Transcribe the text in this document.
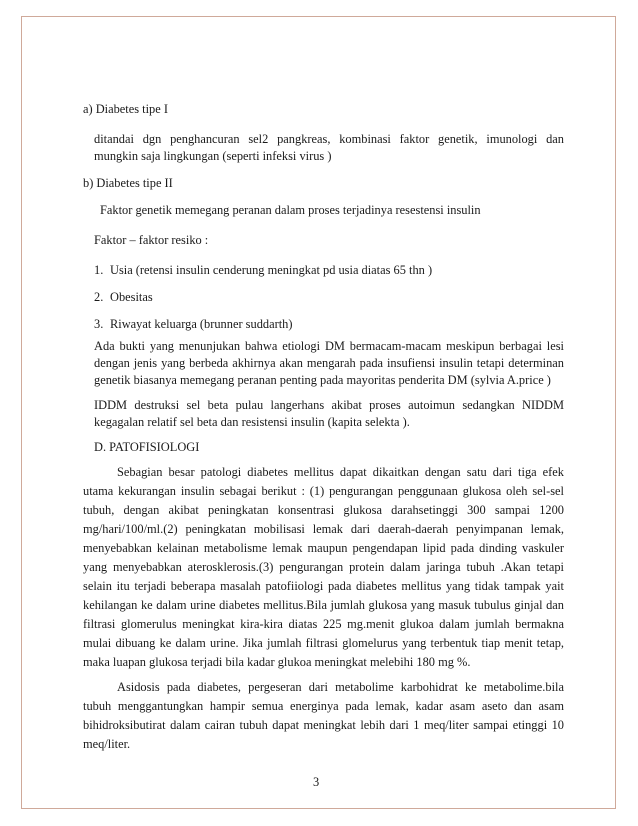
a) Diabetes tipe I

ditandai dgn penghancuran sel2 pangkreas, kombinasi faktor genetik, imunologi dan

mungkin saja lingkungan (seperti infeksi virus )

b) Diabetes tipe II

Faktor genetik memegang peranan dalam proses terjadinya resestensi insulin

Faktor – faktor resiko :

1. Usia (retensi insulin cenderung meningkat pd usia diatas 65 thn )

2. Obesitas

3. Riwayat keluarga (brunner suddarth)

Ada bukti yang menunjukan bahwa etiologi DM bermacam-macam meskipun berbagai lesi

dengan jenis yang berbeda akhirnya akan mengarah pada insufiensi insulin tetapi determinan

genetik biasanya memegang peranan penting pada mayoritas penderita DM (sylvia A.price )

IDDM destruksi sel beta pulau langerhans akibat proses autoimun sedangkan NIDDM

kegagalan relatif sel beta dan resistensi insulin (kapita selekta ).

D. PATOFISIOLOGI

Sebagian besar patologi diabetes mellitus dapat dikaitkan dengan satu dari tiga efek

utama kekurangan insulin sebagai berikut : (1) pengurangan penggunaan glukosa oleh sel-sel

tubuh, dengan akibat peningkatan konsentrasi glukosa darahsetinggi 300 sampai 1200

mg/hari/100/ml.(2) peningkatan mobilisasi lemak dari daerah-daerah penyimpanan lemak,

menyebabkan kelainan metabolisme lemak maupun pengendapan lipid pada dinding vaskuler

yang menyebabkan aterosklerosis.(3) pengurangan protein dalam jaringa tubuh .Akan tetapi

selain itu terjadi beberapa masalah patofiiologi pada diabetes mellitus yang tidak tampak yait

kehilangan ke dalam urine diabetes mellitus.Bila jumlah glukosa yang masuk tubulus ginjal dan

filtrasi glomerulus meningkat kira-kira diatas 225 mg.menit glukoa dalam jumlah bermakna

mulai dibuang ke dalam urine. Jika jumlah filtrasi glomelurus yang terbentuk tiap menit tetap,

maka luapan glukosa terjadi bila kadar glukoa meningkat melebihi 180 mg %.

Asidosis pada diabetes, pergeseran dari metabolime karbohidrat ke metabolime.bila

tubuh menggantungkan hampir semua energinya pada lemak, kadar asam aseto dan asam

bihidroksibutirat dalam cairan tubuh dapat meningkat lebih dari 1 meq/liter sampai etinggi 10

meq/liter.

3
